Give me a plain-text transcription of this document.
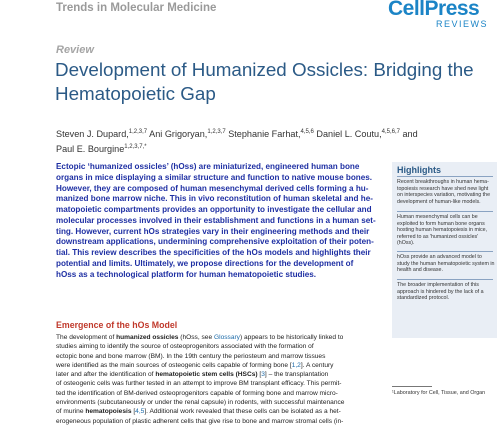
Trends in Molecular Medicine	CellPress
REVIEWS
Review
Development of Humanized Ossicles: Bridging the Hematopoietic Gap
Steven J. Dupard,$^{1,2,3,7}$ Ani Grigoryan,$^{1,2,3,7}$ Stephanie Farhat,$^{4,5,6}$ Daniel L. Coutu,$^{4,5,6,7}$ and
Paul E. Bourgine$^{1,2,3,7,*}$
Ectopic ‘humanized ossicles’ (hOss) are miniaturized, engineered human bone
organs in mice displaying a similar structure and function to native mouse bones.
However, they are composed of human mesenchymal derived cells forming a hu-
manized bone marrow niche. This in vivo reconstitution of human skeletal and he-
matopoietic compartments provides an opportunity to investigate the cellular and
molecular processes involved in their establishment and functions in a human set-
ting. However, current hOs strategies vary in their engineering methods and their
downstream applications, undermining comprehensive exploitation of their poten-
tial. This review describes the specificities of the hOs models and highlights their
potential and limits. Ultimately, we propose directions for the development of
hOss as a technological platform for human hematopoietic studies.
Highlights
Recent breakthroughs in human hema-topoiesis research have shed new light on interspecies variation, motivating the development of human-like models.
Human mesenchymal cells can be exploited to form human bone organs hosting human hematopoiesis in mice, referred to as 'humanized ossicles' (hOss).
hOss provide an advanced model to study the human hematopoietic system in health and disease.
The broader implementation of this approach is hindered by the lack of a standardized protocol.
Emergence of the hOs Model
The development of humanized ossicles (hOss, see Glossary) appears to be historically linked to
studies aiming to identify the source of osteoprogenitors associated with the formation of
ectopic bone and bone marrow (BM). In the 19th century the periosteum and marrow tissues
were identified as the main sources of osteogenic cells capable of forming bone [1,2]. A century
later and after the identification of hematopoietic stem cells (HSCs) [3] – the transplantation
of osteogenic cells was further tested in an attempt to improve BM transplant efficacy. This permit-
ted the identification of BM-derived osteoprogenitors capable of forming bone and marrow micro-
environments (subcutaneously or under the renal capsule) in rodents, with successful maintenance
of murine hematopoiesis [4,5]. Additional work revealed that these cells can be isolated as a het-
erogeneous population of plastic adherent cells that give rise to bone and marrow stromal cells (in-
¹Laboratory for Cell, Tissue, and Organ
